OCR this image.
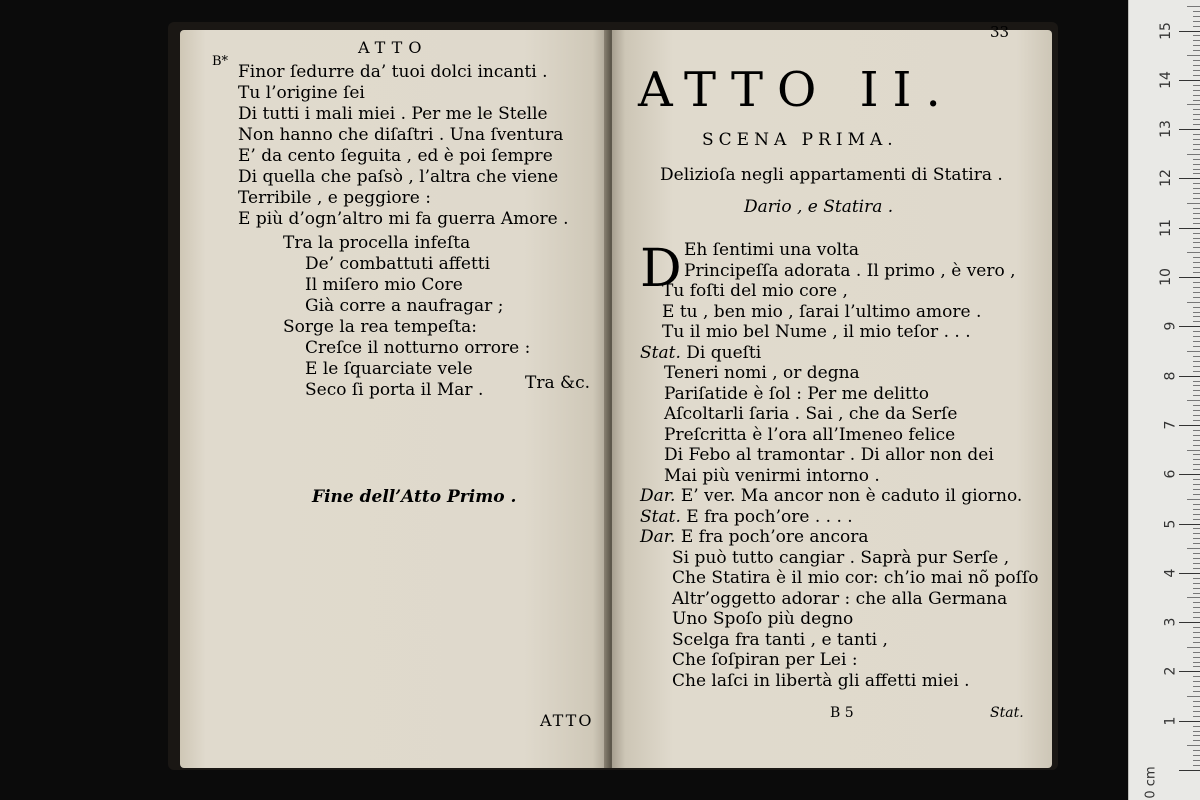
ATTO
B*
Finor ſedurre da’ tuoi dolci incanti .
Tu l’origine ſei
Di tutti i mali miei . Per me le Stelle
Non hanno che diſaſtri . Una ſventura
E’ da cento ſeguita , ed è poi ſempre
Di quella che paſsò , l’altra che viene
Terribile , e peggiore :
E più d’ogn’altro mi fa guerra Amore .
Tra la procella infeſta
De’ combattuti affetti
Il miſero mio Core
Già corre a naufragar ;
Sorge la rea tempeſta:
Creſce il notturno orrore :
E le ſquarciate vele
Seco ſi porta il Mar . Tra &c.
Fine dell’Atto Primo .
ATTO
33
ATTO II.
SCENA PRIMA.
Delizioſa negli appartamenti di Statira .
Dario , e Statira .
D Eh ſentimi una volta
Principeſſa adorata . Il primo , è vero ,
Tu foſti del mio core ,
E tu , ben mio , ſarai l’ultimo amore .
Tu il mio bel Nume , il mio teſor . . .
Stat. Di queſti
Teneri nomi , or degna
Pariſatide è ſol : Per me delitto
Aſcoltarli ſaria . Sai , che da Serſe
Preſcritta è l’ora all’Imeneo felice
Di Febo al tramontar . Di allor non dei
Mai più venirmi intorno .
Dar. E’ ver. Ma ancor non è caduto il giorno.
Stat. E fra poch’ore . . . .
Dar. E fra poch’ore ancora
Si può tutto cangiar . Saprà pur Serſe ,
Che Statira è il mio cor: ch’io mai nõ poſſo
Altr’oggetto adorar : che alla Germana
Uno Spoſo più degno
Scelga fra tanti , e tanti ,
Che ſoſpiran per Lei :
Che laſci in libertà gli affetti miei .
B 5	Stat.
0 cm
1
2
3
4
5
6
7
8
9
10
11
12
13
14
15
